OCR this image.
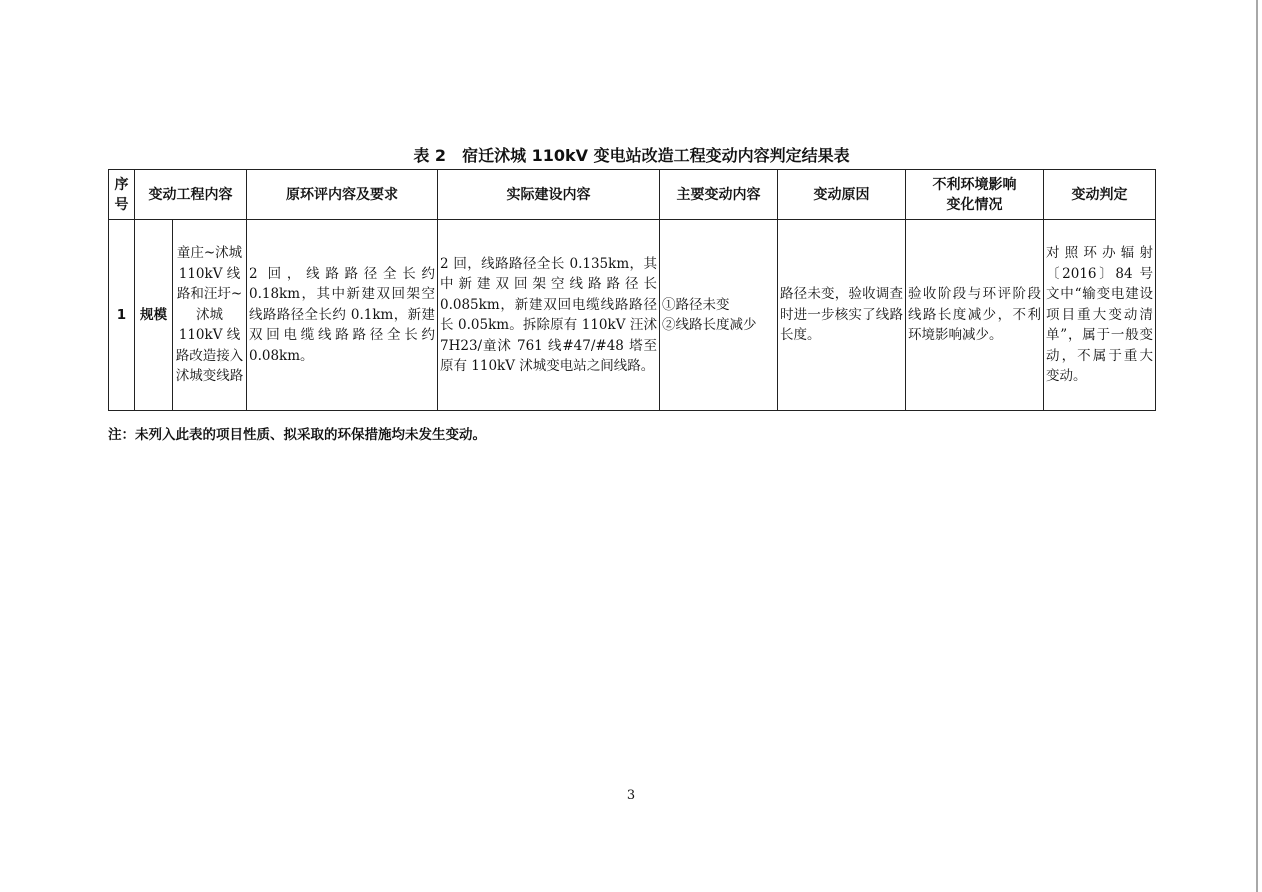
表 2　宿迁沭城 110kV 变电站改造工程变动内容判定结果表
序号	变动工程内容		原环评内容及要求	实际建设内容	主要变动内容	变动原因	不利环境影响变化情况	变动判定
1	规模	童庄~沭城 110kV 线路和汪圩~沭城 110kV 线路改造接入沭城变线路	2 回，线路路径全长约 0.18km，其中新建双回架空线路路径全长约 0.1km，新建双回电缆线路路径全长约 0.08km。	2 回，线路路径全长 0.135km，其中新建双回架空线路路径长 0.085km，新建双回电缆线路路径长 0.05km。拆除原有 110kV 汪沭 7H23/童沭 761 线#47/#48 塔至原有 110kV 沭城变电站之间线路。	①路径未变
②线路长度减少	路径未变，验收调查时进一步核实了线路长度。	验收阶段与环评阶段线路长度减少，不利环境影响减少。	对照环办辐射〔2016〕84 号文中“输变电建设项目重大变动清单”，属于一般变动，不属于重大变动。
注：未列入此表的项目性质、拟采取的环保措施均未发生变动。
3
